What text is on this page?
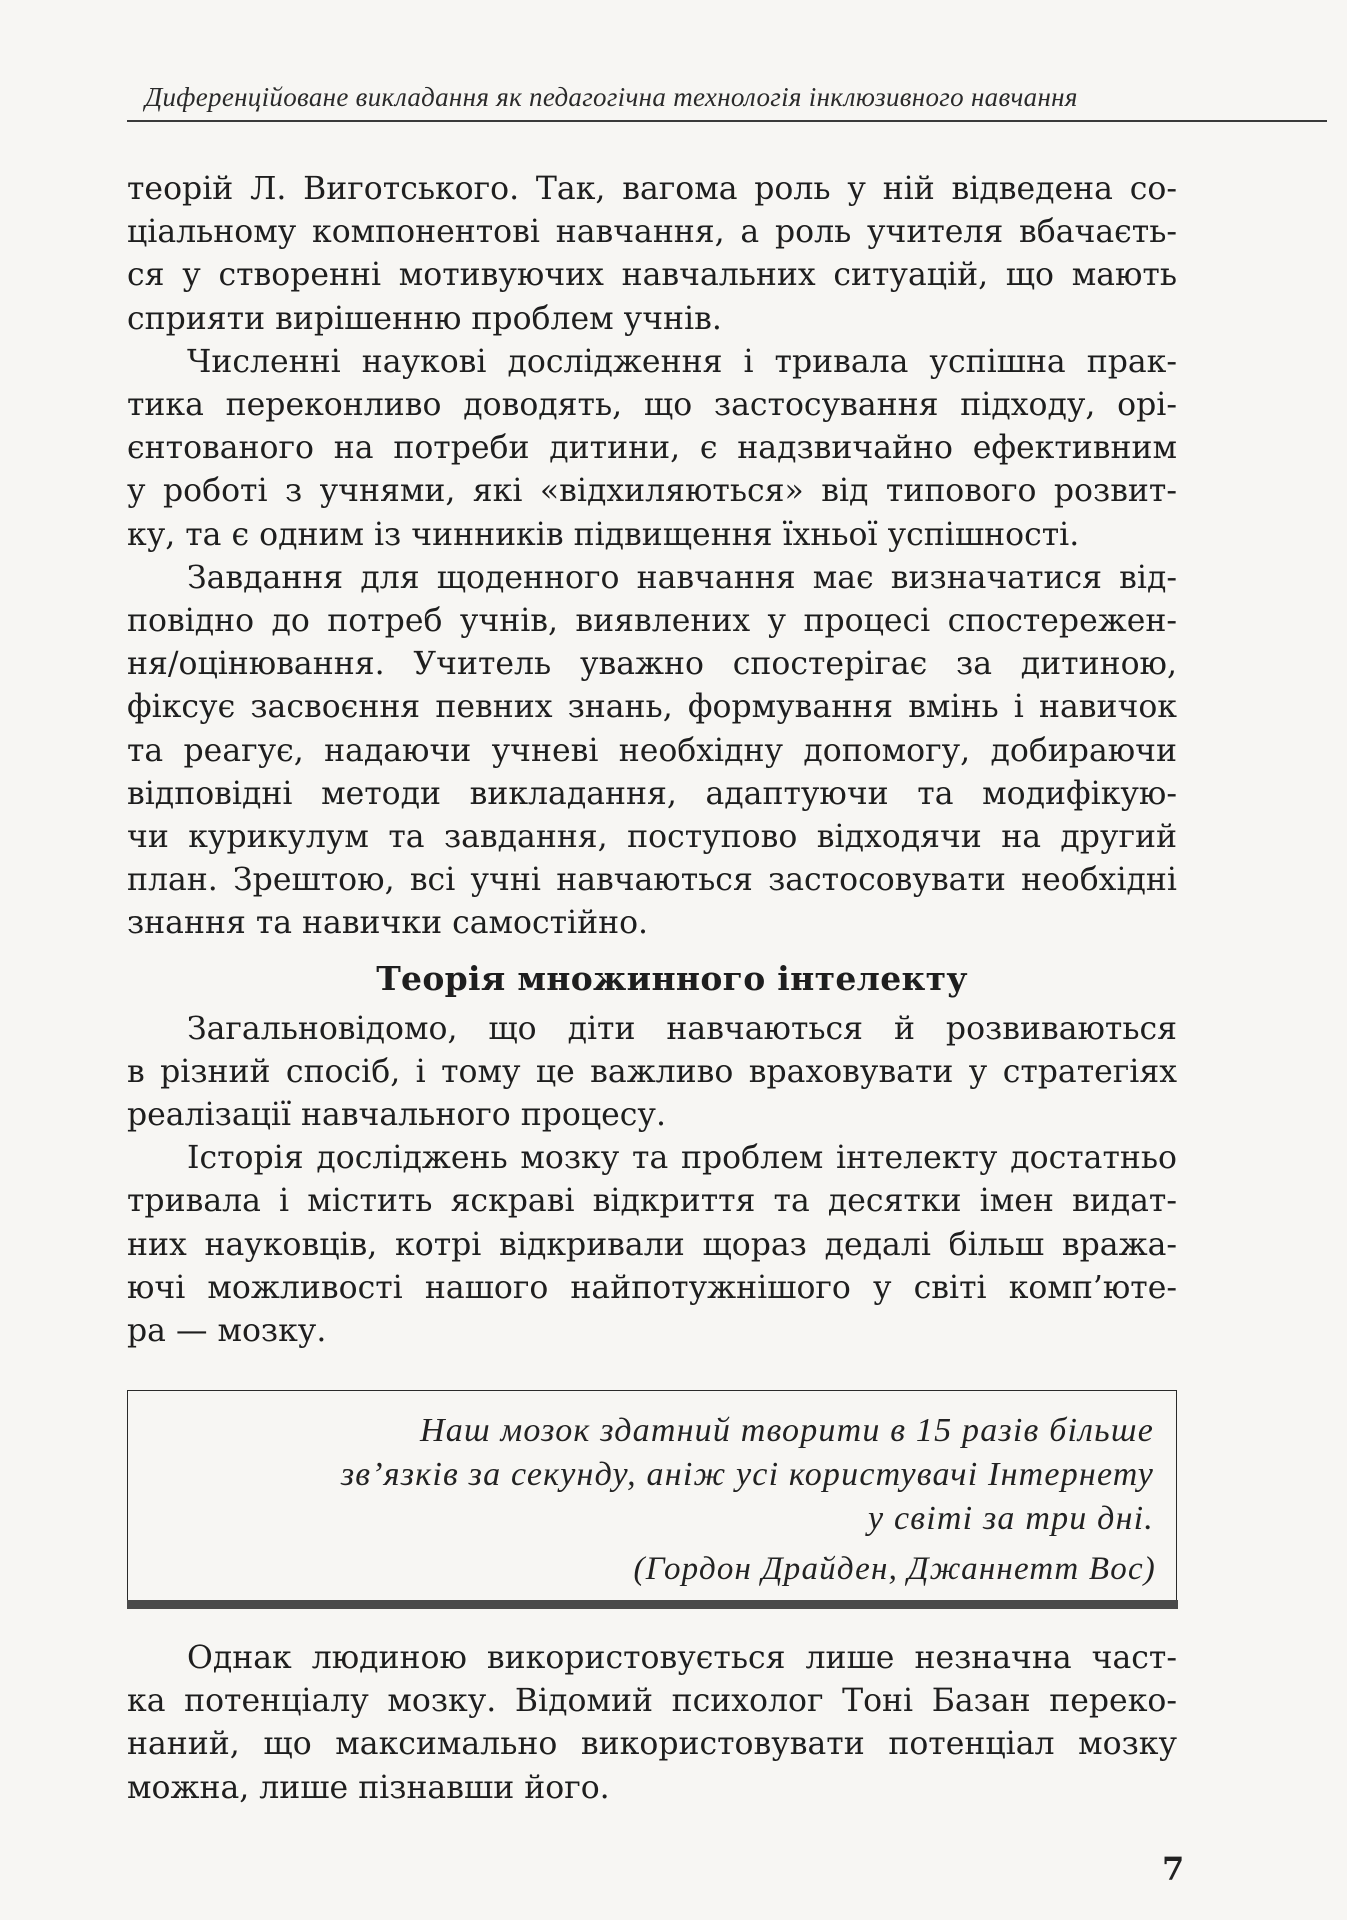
Диференційоване викладання як педагогічна технологія інклюзивного навчання

теорій Л. Виготського. Так, вагома роль у ній відведена со-
ціальному компонентові навчання, а роль учителя вбачаєть-
ся у створенні мотивуючих навчальних ситуацій, що мають
сприяти вирішенню проблем учнів.

Численні наукові дослідження і тривала успішна прак-
тика переконливо доводять, що застосування підходу, орі-
єнтованого на потреби дитини, є надзвичайно ефективним
у роботі з учнями, які «відхиляються» від типового розвит-
ку, та є одним із чинників підвищення їхньої успішності.

Завдання для щоденного навчання має визначатися від-
повідно до потреб учнів, виявлених у процесі спостережен-
ня/оцінювання. Учитель уважно спостерігає за дитиною,
фіксує засвоєння певних знань, формування вмінь і навичок
та реагує, надаючи учневі необхідну допомогу, добираючи
відповідні методи викладання, адаптуючи та модифікую-
чи курикулум та завдання, поступово відходячи на другий
план. Зрештою, всі учні навчаються застосовувати необхідні
знання та навички самостійно.

Теорія множинного інтелекту

Загальновідомо, що діти навчаються й розвиваються
в різний спосіб, і тому це важливо враховувати у стратегіях
реалізації навчального процесу.

Історія досліджень мозку та проблем інтелекту достатньо
тривала і містить яскраві відкриття та десятки імен видат-
них науковців, котрі відкривали щораз дедалі більш вража-
ючі можливості нашого найпотужнішого у світі комп’юте-
ра — мозку.

Наш мозок здатний творити в 15 разів більше
зв’язків за секунду, аніж усі користувачі Інтернету
у світі за три дні.
(Гордон Драйден, Джаннетт Вос)

Однак людиною використовується лише незначна част-
ка потенціалу мозку. Відомий психолог Тоні Базан переко-
наний, що максимально використовувати потенціал мозку
можна, лише пізнавши його.

7
